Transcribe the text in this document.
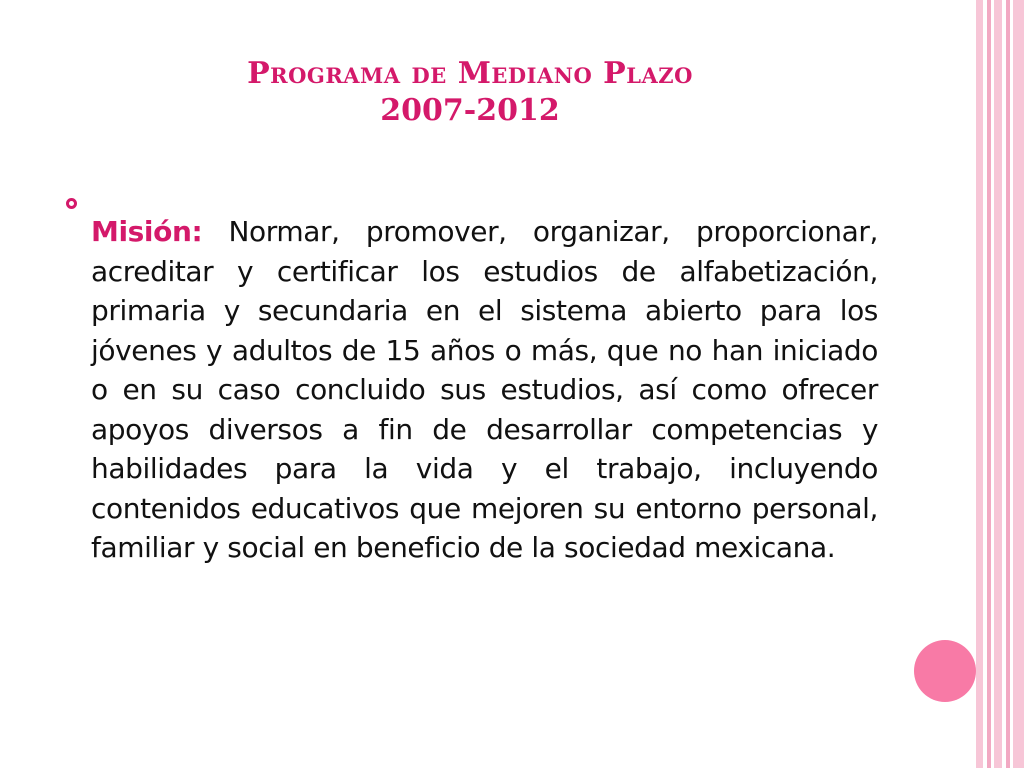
Programa de Mediano Plazo
2007-2012

Misión: Normar, promover, organizar, proporcionar, acreditar y certificar los estudios de alfabetización, primaria y secundaria en el sistema abierto para los jóvenes y adultos de 15 años o más, que no han iniciado o en su caso concluido sus estudios, así como ofrecer apoyos diversos a fin de desarrollar competencias y habilidades para la vida y el trabajo, incluyendo contenidos educativos que mejoren su entorno personal, familiar y social en beneficio de la sociedad mexicana.
